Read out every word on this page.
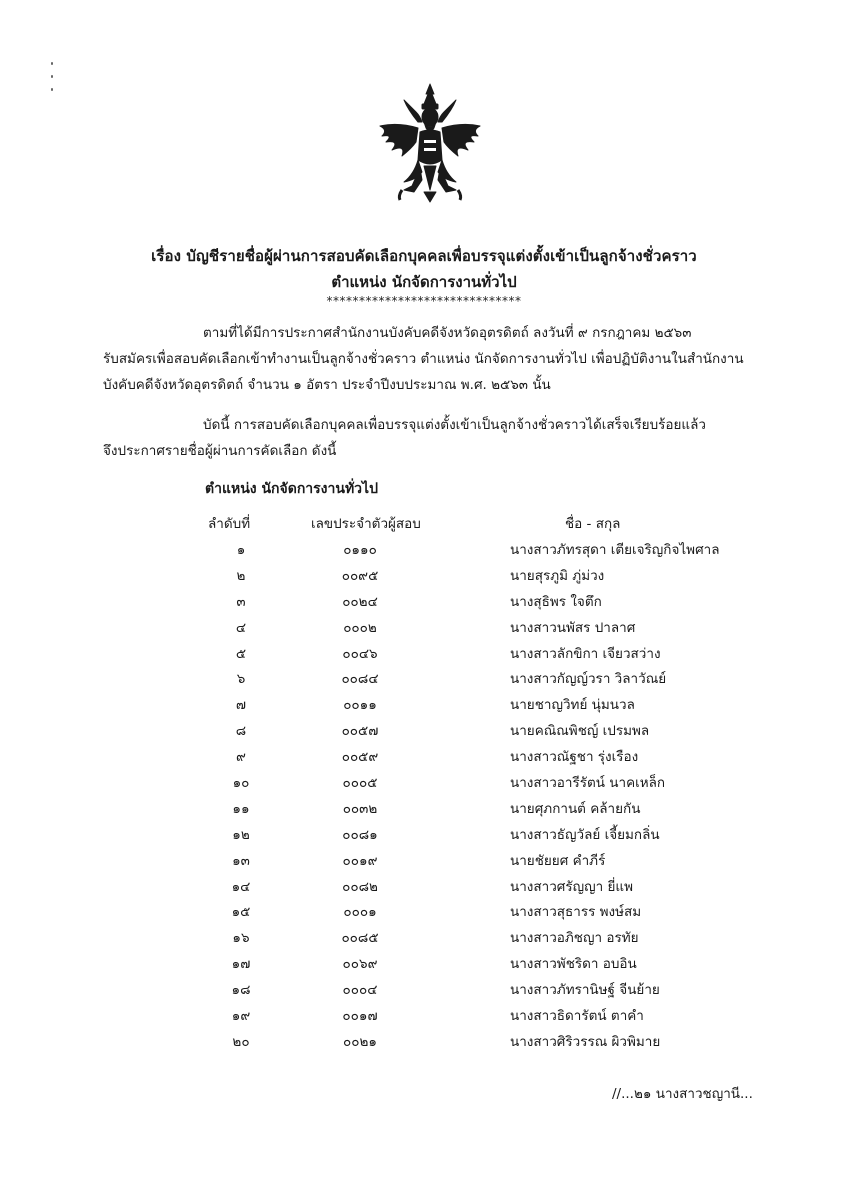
เรื่อง บัญชีรายชื่อผู้ผ่านการสอบคัดเลือกบุคคลเพื่อบรรจุแต่งตั้งเข้าเป็นลูกจ้างชั่วคราว
ตำแหน่ง นักจัดการงานทั่วไป
******************************
ตามที่ได้มีการประกาศสำนักงานบังคับคดีจังหวัดอุตรดิตถ์ ลงวันที่ ๙ กรกฎาคม ๒๕๖๓
รับสมัครเพื่อสอบคัดเลือกเข้าทำงานเป็นลูกจ้างชั่วคราว ตำแหน่ง นักจัดการงานทั่วไป เพื่อปฏิบัติงานในสำนักงาน
บังคับคดีจังหวัดอุตรดิตถ์ จำนวน ๑ อัตรา ประจำปีงบประมาณ พ.ศ. ๒๕๖๓ นั้น
บัดนี้ การสอบคัดเลือกบุคคลเพื่อบรรจุแต่งตั้งเข้าเป็นลูกจ้างชั่วคราวได้เสร็จเรียบร้อยแล้ว
จึงประกาศรายชื่อผู้ผ่านการคัดเลือก ดังนี้
ตำแหน่ง นักจัดการงานทั่วไป
ลำดับที่	เลขประจำตัวผู้สอบ	ชื่อ - สกุล
๑	๐๑๑๐	นางสาวภัทรสุดา เตียเจริญกิจไพศาล
๒	๐๐๙๕	นายสุรภูมิ ภู่ม่วง
๓	๐๐๒๔	นางสุธิพร ใจตึก
๔	๐๐๐๒	นางสาวนพัสร ปาลาศ
๕	๐๐๔๖	นางสาวลักขิกา เจียวสว่าง
๖	๐๐๘๔	นางสาวกัญญ์วรา วิลาวัณย์
๗	๐๐๑๑	นายชาญวิทย์ นุ่มนวล
๘	๐๐๕๗	นายคณิณพิชญ์ เปรมพล
๙	๐๐๕๙	นางสาวณัฐชา รุ่งเรือง
๑๐	๐๐๐๕	นางสาวอารีรัตน์ นาคเหล็ก
๑๑	๐๐๓๒	นายศุภกานต์ คล้ายกัน
๑๒	๐๐๘๑	นางสาวธัญวัลย์ เจี้ยมกลิ่น
๑๓	๐๐๑๙	นายชัยยศ คำภีร์
๑๔	๐๐๘๒	นางสาวศรัญญา ยี่แพ
๑๕	๐๐๐๑	นางสาวสุธารร พงษ์สม
๑๖	๐๐๘๕	นางสาวอภิชญา อรทัย
๑๗	๐๐๖๙	นางสาวพัชริดา อบอิน
๑๘	๐๐๐๔	นางสาวภัทรานิษฐ์ จีนย้าย
๑๙	๐๐๑๗	นางสาวธิดารัตน์ ตาคำ
๒๐	๐๐๒๑	นางสาวศิริวรรณ ผิวพิมาย
//...๒๑ นางสาวชญานี...
